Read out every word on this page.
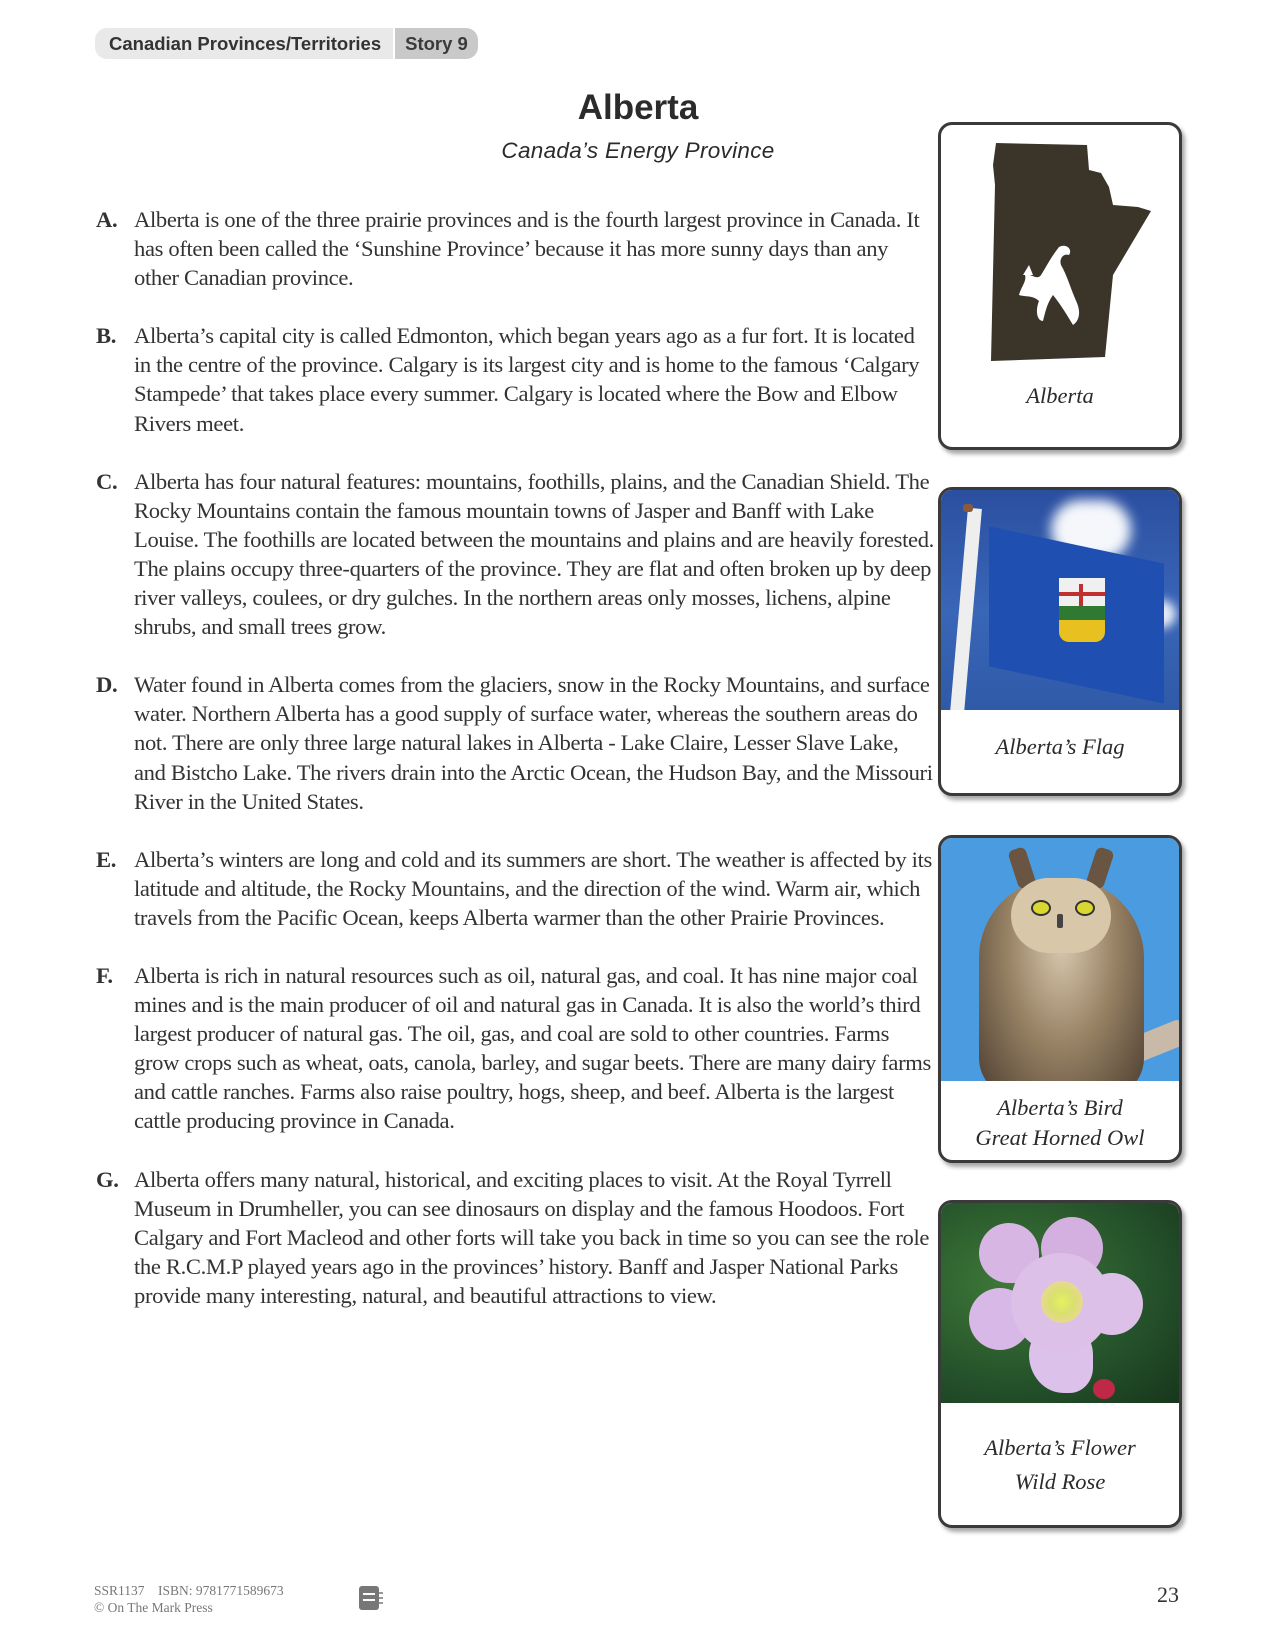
Canadian Provinces/Territories	Story 9
Alberta
Canada’s Energy Province
A. Alberta is one of the three prairie provinces and is the fourth largest province in Canada. It has often been called the ‘Sunshine Province’ because it has more sunny days than any other Canadian province.
B. Alberta’s capital city is called Edmonton, which began years ago as a fur fort. It is located in the centre of the province. Calgary is its largest city and is home to the famous ‘Calgary Stampede’ that takes place every summer. Calgary is located where the Bow and Elbow Rivers meet.
C. Alberta has four natural features: mountains, foothills, plains, and the Canadian Shield. The Rocky Mountains contain the famous mountain towns of Jasper and Banff with Lake Louise. The foothills are located between the mountains and plains and are heavily forested. The plains occupy three-quarters of the province. They are flat and often broken up by deep river valleys, coulees, or dry gulches. In the northern areas only mosses, lichens, alpine shrubs, and small trees grow.
D. Water found in Alberta comes from the glaciers, snow in the Rocky Mountains, and surface water. Northern Alberta has a good supply of surface water, whereas the southern areas do not. There are only three large natural lakes in Alberta - Lake Claire, Lesser Slave Lake, and Bistcho Lake. The rivers drain into the Arctic Ocean, the Hudson Bay, and the Missouri River in the United States.
E. Alberta’s winters are long and cold and its summers are short. The weather is affected by its latitude and altitude, the Rocky Mountains, and the direction of the wind. Warm air, which travels from the Pacific Ocean, keeps Alberta warmer than the other Prairie Provinces.
F. Alberta is rich in natural resources such as oil, natural gas, and coal. It has nine major coal mines and is the main producer of oil and natural gas in Canada. It is also the world’s third largest producer of natural gas. The oil, gas, and coal are sold to other countries. Farms grow crops such as wheat, oats, canola, barley, and sugar beets. There are many dairy farms and cattle ranches. Farms also raise poultry, hogs, sheep, and beef. Alberta is the largest cattle producing province in Canada.
G. Alberta offers many natural, historical, and exciting places to visit. At the Royal Tyrrell Museum in Drumheller, you can see dinosaurs on display and the famous Hoodoos. Fort Calgary and Fort Macleod and other forts will take you back in time so you can see the role the R.C.M.P played years ago in the provinces’ history. Banff and Jasper National Parks provide many interesting, natural, and beautiful attractions to view.
Alberta
Alberta’s Flag
Alberta’s Bird
Great Horned Owl
Alberta’s Flower
Wild Rose
SSR1137 ISBN: 9781771589673
© On The Mark Press
23
